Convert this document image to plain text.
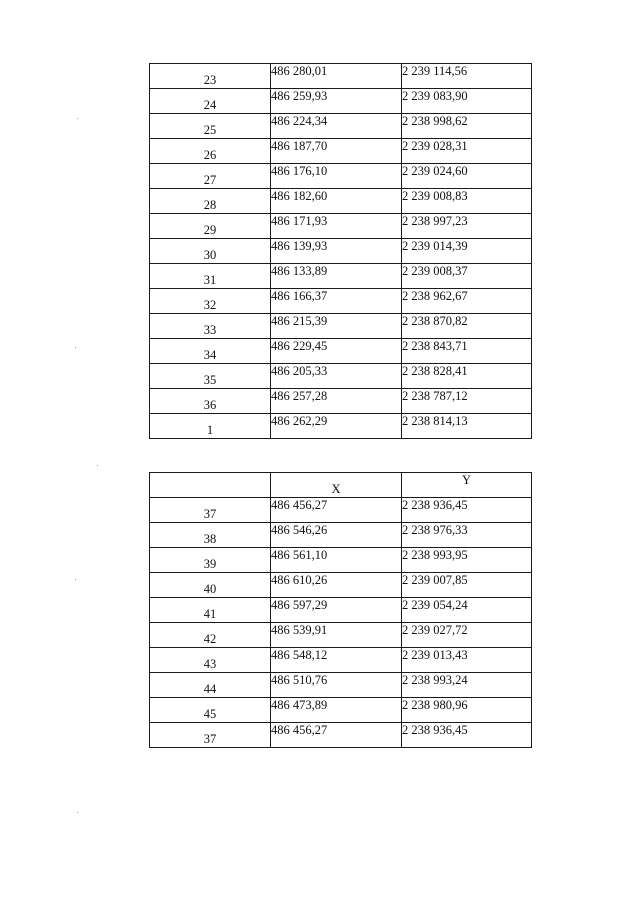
23	486 280,01	2 239 114,56
24	486 259,93	2 239 083,90
25	486 224,34	2 238 998,62
26	486 187,70	2 239 028,31
27	486 176,10	2 239 024,60
28	486 182,60	2 239 008,83
29	486 171,93	2 238 997,23
30	486 139,93	2 239 014,39
31	486 133,89	2 239 008,37
32	486 166,37	2 238 962,67
33	486 215,39	2 238 870,82
34	486 229,45	2 238 843,71
35	486 205,33	2 238 828,41
36	486 257,28	2 238 787,12
1	486 262,29	2 238 814,13
	X	Y
37	486 456,27	2 238 936,45
38	486 546,26	2 238 976,33
39	486 561,10	2 238 993,95
40	486 610,26	2 239 007,85
41	486 597,29	2 239 054,24
42	486 539,91	2 239 027,72
43	486 548,12	2 239 013,43
44	486 510,76	2 238 993,24
45	486 473,89	2 238 980,96
37	486 456,27	2 238 936,45
